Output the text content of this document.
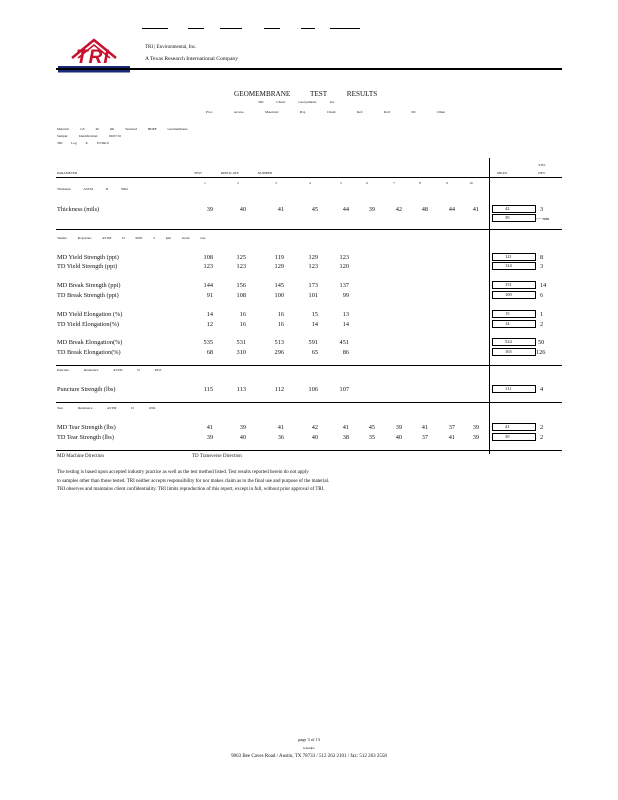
TRI	TRI | Environmental, Inc.
A Texas Research International Company
GEOMEMBRANE TEST RESULTS
TRI Client: Geosynthetic, Inc.
Proc. Access. Materials: Proj. Client: Ref: Roll: ID: Clmet
Material: GS 40 mil Textured HDPE Geomembrane
Sample: Identification: 09/07/10
TRI Log #: E2366-9
PARAMETER	TEST REPLICATE NUMBER	MEAN
STD. DEV.
1	2	3	4	5	6	7	8	9	10
Thickness ASTM D 5994
Thickness (mils)	39	40	41	45	44	39	42	48	44	41	42	3
39	<-- min
Tensile Properties ASTM D 6693 2 ipm strain rate
MD Yield Strength (ppi)	108	125	119	129	123	121	8
TD Yield Strength (ppi)	123	123	129	123	120	124	3
MD Break Strength (ppi)	144	156	145	173	137	151	14
TD Break Strength (ppi)	91	108	100	101	99	100	6
MD Yield Elongation (%)	14	16	16	15	13	15	1
TD Yield Elongation(%)	12	16	16	14	14	14	2
MD Break Elongation(%)	535	531	513	591	451	524	50
TD Break Elongation(%)	68	310	296	65	86	165	126
Puncture Resistance ASTM D 4833
Puncture Strength (lbs)	115	113	112	106	107	111	4
Tear Resistance ASTM D 1004
MD Tear Strength (lbs)	41	39	41	42	41	45	39	41	37	39	41	2
TD Tear Strength (lbs)	39	40	36	40	38	35	40	37	41	39	39	2
MD Machine Direction	TD Transverse Direction
The testing is based upon accepted industry practice as well as the test method listed. Test results reported herein do not apply
to samples other than those tested. TRI neither accepts responsibility for nor makes claim as to the final use and purpose of the material.
TRI observes and maintains client confidentiality. TRI limits reproduction of this report, except in full, without prior approval of TRI.
page 3 of 13
lenalqbe
9063 Bee Caves Road / Austin, TX 78733 / 512 263 2101 / fax: 512 263 2558
